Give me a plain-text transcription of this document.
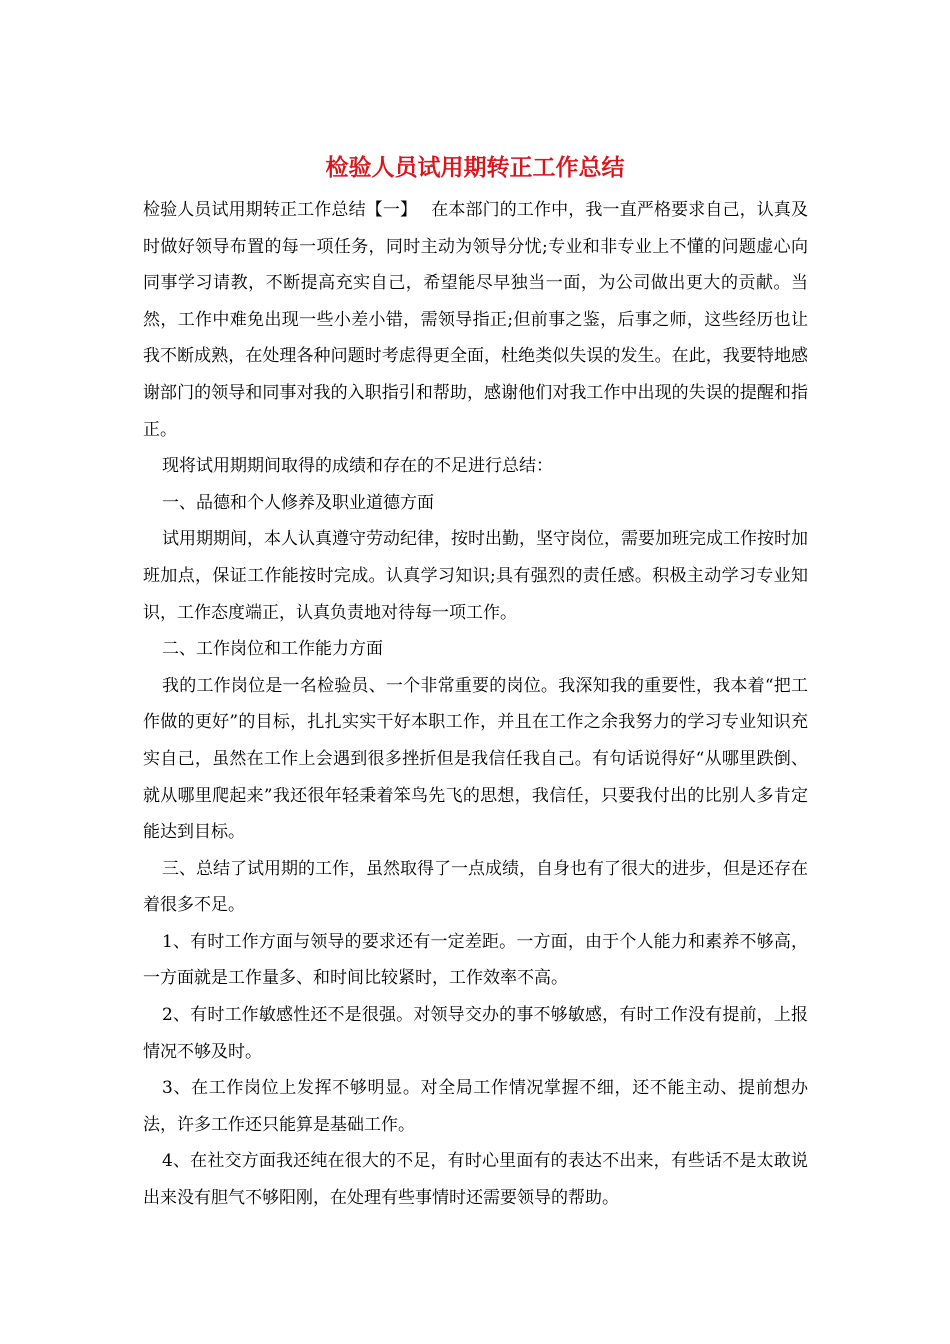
检验人员试用期转正工作总结

检验人员试用期转正工作总结【一】　 在本部门的工作中，我一直严格要求自己，认真及时做好领导布置的每一项任务，同时主动为领导分忧;专业和非专业上不懂的问题虚心向同事学习请教，不断提高充实自己，希望能尽早独当一面，为公司做出更大的贡献。当然，工作中难免出现一些小差小错，需领导指正;但前事之鉴，后事之师，这些经历也让我不断成熟，在处理各种问题时考虑得更全面，杜绝类似失误的发生。在此，我要特地感谢部门的领导和同事对我的入职指引和帮助，感谢他们对我工作中出现的失误的提醒和指正。

现将试用期期间取得的成绩和存在的不足进行总结：

一、品德和个人修养及职业道德方面

试用期期间，本人认真遵守劳动纪律，按时出勤，坚守岗位，需要加班完成工作按时加班加点，保证工作能按时完成。认真学习知识;具有强烈的责任感。积极主动学习专业知识，工作态度端正，认真负责地对待每一项工作。

二、工作岗位和工作能力方面

我的工作岗位是一名检验员、一个非常重要的岗位。我深知我的重要性，我本着“把工作做的更好”的目标，扎扎实实干好本职工作，并且在工作之余我努力的学习专业知识充实自己，虽然在工作上会遇到很多挫折但是我信任我自己。有句话说得好“从哪里跌倒、就从哪里爬起来”我还很年轻秉着笨鸟先飞的思想，我信任，只要我付出的比别人多肯定能达到目标。

三、总结了试用期的工作，虽然取得了一点成绩，自身也有了很大的进步，但是还存在着很多不足。

1、有时工作方面与领导的要求还有一定差距。一方面，由于个人能力和素养不够高，一方面就是工作量多、和时间比较紧时，工作效率不高。

2、有时工作敏感性还不是很强。对领导交办的事不够敏感，有时工作没有提前，上报情况不够及时。

3、在工作岗位上发挥不够明显。对全局工作情况掌握不细，还不能主动、提前想办法，许多工作还只能算是基础工作。

4、在社交方面我还纯在很大的不足，有时心里面有的表达不出来，有些话不是太敢说出来没有胆气不够阳刚，在处理有些事情时还需要领导的帮助。
